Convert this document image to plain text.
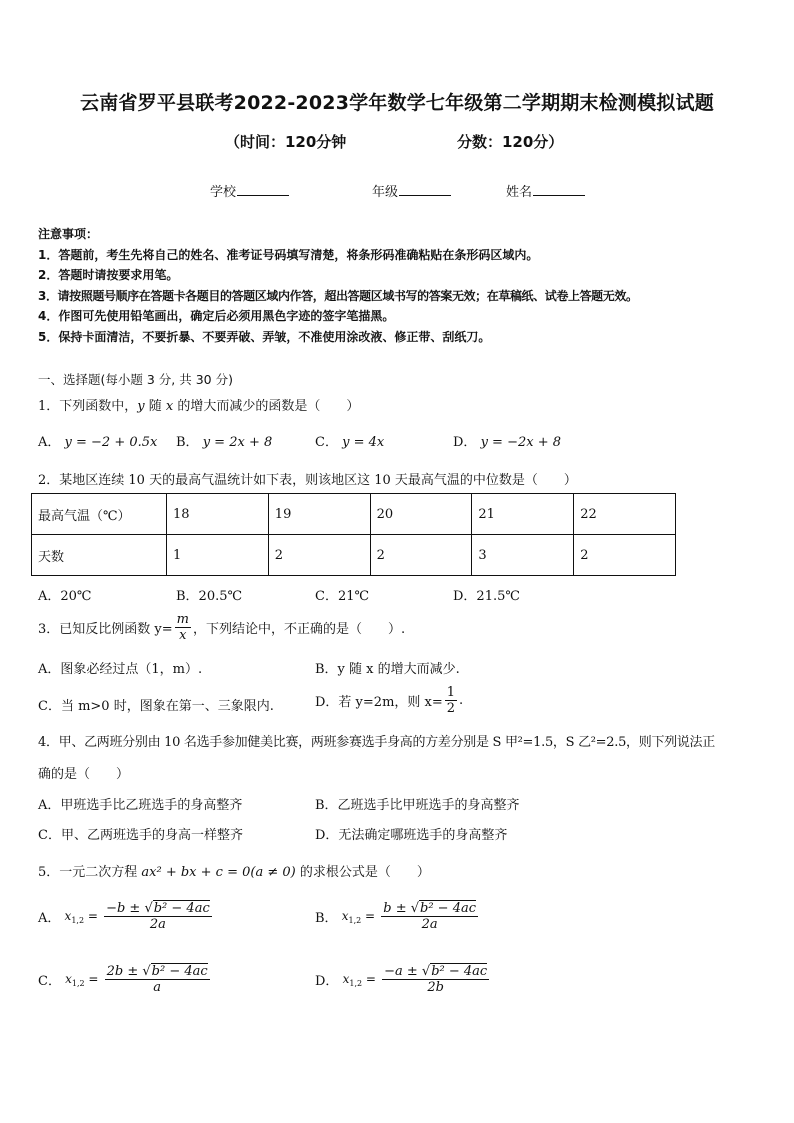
云南省罗平县联考2022-2023学年数学七年级第二学期期末检测模拟试题
（时间：120分钟	分数：120分）
学校	年级	姓名
注意事项：
1．答题前，考生先将自己的姓名、准考证号码填写清楚，将条形码准确粘贴在条形码区域内。
2．答题时请按要求用笔。
3．请按照题号顺序在答题卡各题目的答题区域内作答，超出答题区域书写的答案无效；在草稿纸、试卷上答题无效。
4．作图可先使用铅笔画出，确定后必须用黑色字迹的签字笔描黑。
5．保持卡面清洁，不要折暴、不要弄破、弄皱，不准使用涂改液、修正带、刮纸刀。
一、选择题(每小题 3 分, 共 30 分)
1．下列函数中，y 随 x 的增大而减少的函数是（　　）
A． y = −2 + 0.5x B． y = 2x + 8	C． y = 4x	D． y = −2x + 8
2．某地区连续 10 天的最高气温统计如下表，则该地区这 10 天最高气温的中位数是（　　）
最高气温（℃）	18	19	20	21	22
天数	1	2	2	3	2
A．20℃	B．20.5℃	C．21℃	D．21.5℃
3．已知反比例函数 $y= \frac{m}{x}$ ，下列结论中，不正确的是（　　）.
A．图象必经过点（1，m）.	B．y 随 x 的增大而减少.
C．当 m>0 时，图象在第一、三象限内.	D．若 y=2m，则 $x= \frac{1}{2}$ .
4．甲、乙两班分别由 10 名选手参加健美比赛，两班参赛选手身高的方差分别是 S 甲²=1.5，S 乙²=2.5，则下列说法正
确的是（　　）
A．甲班选手比乙班选手的身高整齐	B．乙班选手比甲班选手的身高整齐
C．甲、乙两班选手的身高一样整齐	D．无法确定哪班选手的身高整齐
5．一元二次方程 ax² + bx + c = 0(a ≠ 0) 的求根公式是（　　）
A． $x_{1,2} = \frac{\text{−b ± √b² − 4ac}}{2a}$	B． $x_{1,2} = \frac{\text{b ± √b² − 4ac}}{2a}$
C． $x_{1,2} = \frac{\text{2b ± √b² − 4ac}}{a}$	D． $x_{1,2} = \frac{\text{−a ± √b² − 4ac}}{2b}$
